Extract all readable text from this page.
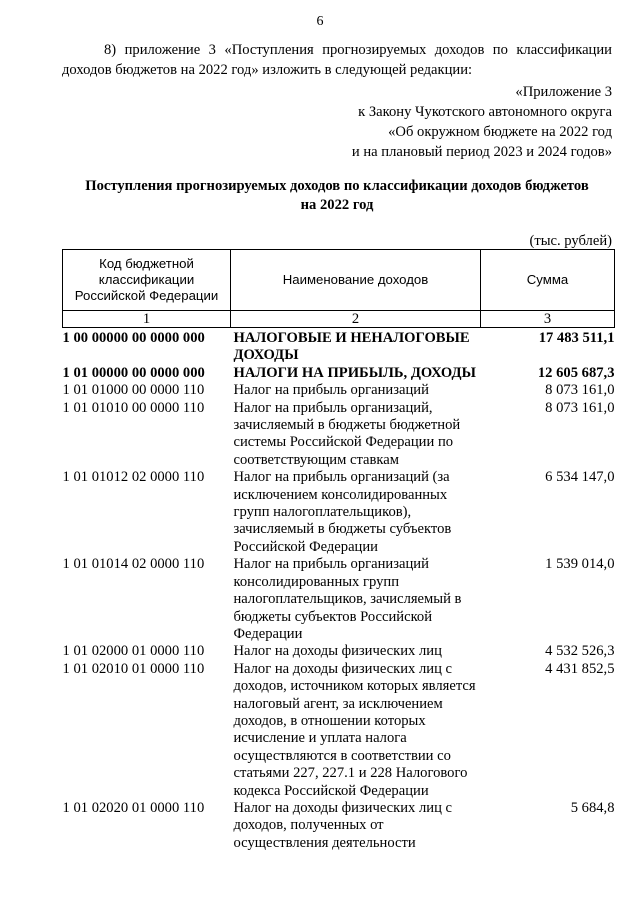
6
8) приложение 3 «Поступления прогнозируемых доходов по классификации доходов бюджетов на 2022 год» изложить в следующей редакции:
«Приложение 3
к Закону Чукотского автономного округа
«Об окружном бюджете на 2022 год
и на плановый период 2023 и 2024 годов»
Поступления прогнозируемых доходов по классификации доходов бюджетов
на 2022 год
(тыс. рублей)
Код бюджетной классификации Российской Федерации	Наименование доходов	Сумма
1	2	3
1 00 00000 00 0000 000	НАЛОГОВЫЕ И НЕНАЛОГОВЫЕ ДОХОДЫ	17 483 511,1
1 01 00000 00 0000 000	НАЛОГИ НА ПРИБЫЛЬ, ДОХОДЫ	12 605 687,3
1 01 01000 00 0000 110	Налог на прибыль организаций	8 073 161,0
1 01 01010 00 0000 110	Налог на прибыль организаций, зачисляемый в бюджеты бюджетной системы Российской Федерации по соответствующим ставкам	8 073 161,0
1 01 01012 02 0000 110	Налог на прибыль организаций (за исключением консолидированных групп налогоплательщиков), зачисляемый в бюджеты субъектов Российской Федерации	6 534 147,0
1 01 01014 02 0000 110	Налог на прибыль организаций консолидированных групп налогоплательщиков, зачисляемый в бюджеты субъектов Российской Федерации	1 539 014,0
1 01 02000 01 0000 110	Налог на доходы физических лиц	4 532 526,3
1 01 02010 01 0000 110	Налог на доходы физических лиц с доходов, источником которых является налоговый агент, за исключением доходов, в отношении которых исчисление и уплата налога осуществляются в соответствии со статьями 227, 227.1 и 228 Налогового кодекса Российской Федерации	4 431 852,5
1 01 02020 01 0000 110	Налог на доходы физических лиц с доходов, полученных от осуществления деятельности	5 684,8
